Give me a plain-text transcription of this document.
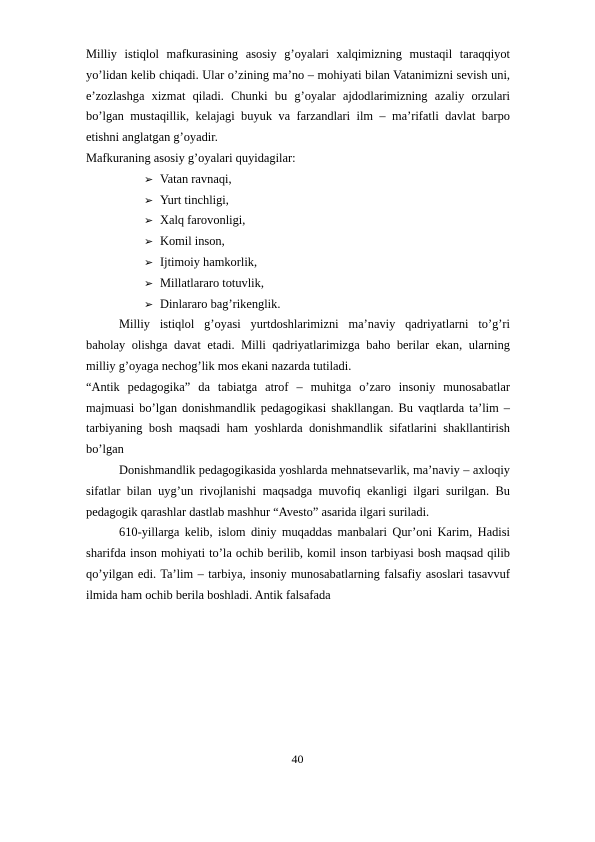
Milliy istiqlol mafkurasining asosiy g’oyalari xalqimizning mustaqil taraqqiyot yo’lidan kelib chiqadi. Ular o’zining ma’no – mohiyati bilan Vatanimizni sevish uni, e’zozlashga xizmat qiladi. Chunki bu g’oyalar ajdodlarimizning azaliy orzulari bo’lgan mustaqillik, kelajagi buyuk va farzandlari ilm – ma’rifatli davlat barpo etishni anglatgan g’oyadir.

Mafkuraning asosiy g’oyalari quyidagilar:

➢ Vatan ravnaqi,
➢ Yurt tinchligi,
➢ Xalq farovonligi,
➢ Komil inson,
➢ Ijtimoiy hamkorlik,
➢ Millatlararo totuvlik,
➢ Dinlararo bag’rikenglik.

Milliy istiqlol g’oyasi yurtdoshlarimizni ma’naviy qadriyatlarni to’g’ri baholay olishga davat etadi. Milli qadriyatlarimizga baho berilar ekan, ularning milliy g’oyaga nechog’lik mos ekani nazarda tutiladi.

“Antik pedagogika” da tabiatga atrof – muhitga o’zaro insoniy munosabatlar majmuasi bo’lgan donishmandlik pedagogikasi shakllangan. Bu vaqtlarda ta’lim – tarbiyaning bosh maqsadi ham yoshlarda donishmandlik sifatlarini shakllantirish bo’lgan

Donishmandlik pedagogikasida yoshlarda mehnatsevarlik, ma’naviy – axloqiy sifatlar bilan uyg’un rivojlanishi maqsadga muvofiq ekanligi ilgari surilgan. Bu pedagogik qarashlar dastlab mashhur “Avesto” asarida ilgari suriladi.

610-yillarga kelib, islom diniy muqaddas manbalari Qur’oni Karim, Hadisi sharifda inson mohiyati to’la ochib berilib, komil inson tarbiyasi bosh maqsad qilib qo’yilgan edi. Ta’lim – tarbiya, insoniy munosabatlarning falsafiy asoslari tasavvuf ilmida ham ochib berila boshladi. Antik falsafada

40
